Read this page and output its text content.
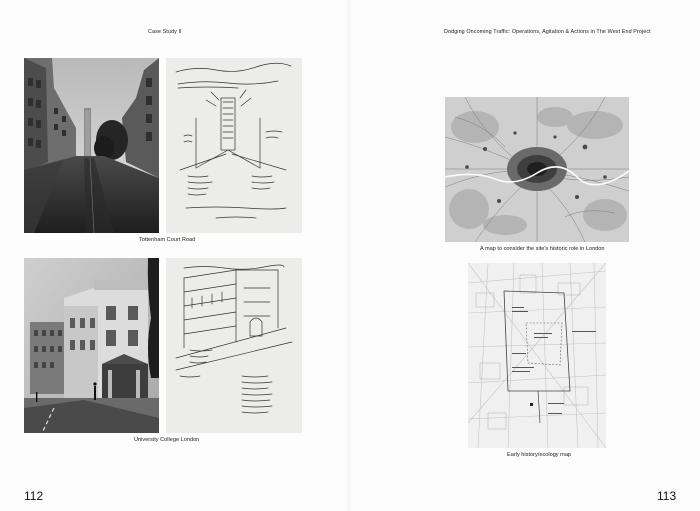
Case Study II
Tottenham Court Road
University College London
112
Dodging Oncoming Traffic: Operations, Agitation & Actions in The West End Project
A map to consider the site's historic role in London
Early history/ecology map
113
